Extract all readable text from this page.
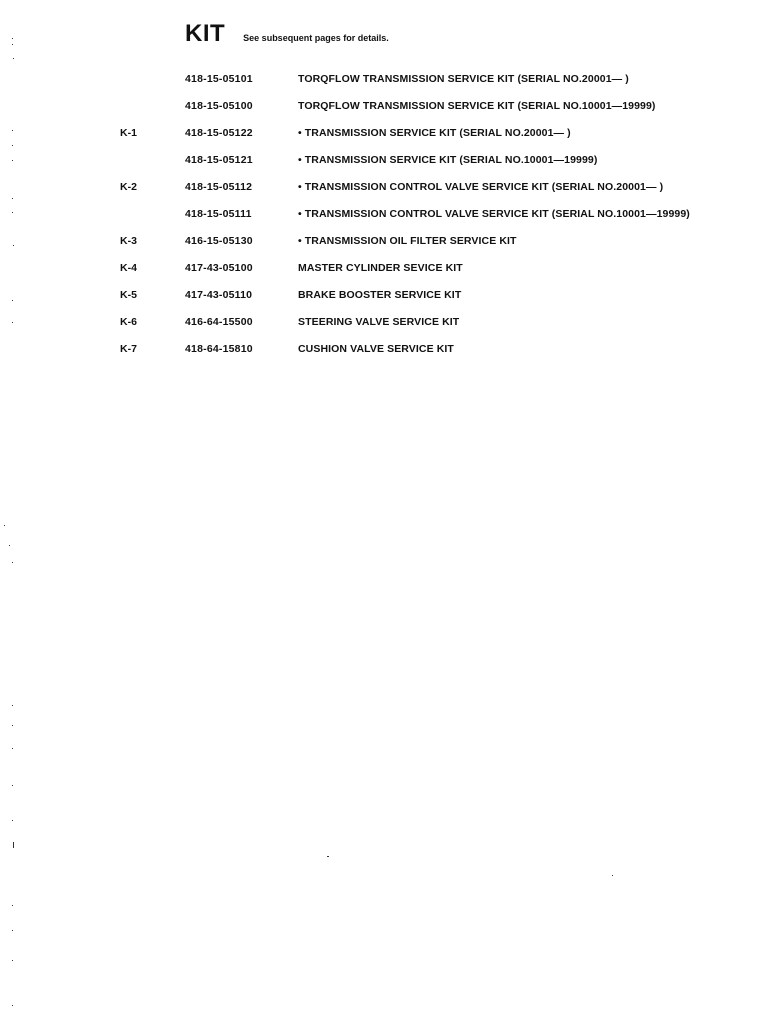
KIT See subsequent pages for details.
418-15-05101	TORQFLOW TRANSMISSION SERVICE KIT (SERIAL NO.20001— )
418-15-05100	TORQFLOW TRANSMISSION SERVICE KIT (SERIAL NO.10001—19999)
K-1	418-15-05122	• TRANSMISSION SERVICE KIT (SERIAL NO.20001— )
418-15-05121	• TRANSMISSION SERVICE KIT (SERIAL NO.10001—19999)
K-2	418-15-05112	• TRANSMISSION CONTROL VALVE SERVICE KIT (SERIAL NO.20001— )
418-15-05111	• TRANSMISSION CONTROL VALVE SERVICE KIT (SERIAL NO.10001—19999)
K-3	416-15-05130	• TRANSMISSION OIL FILTER SERVICE KIT
K-4	417-43-05100	MASTER CYLINDER SEVICE KIT
K-5	417-43-05110	BRAKE BOOSTER SERVICE KIT
K-6	416-64-15500	STEERING VALVE SERVICE KIT
K-7	418-64-15810	CUSHION VALVE SERVICE KIT
